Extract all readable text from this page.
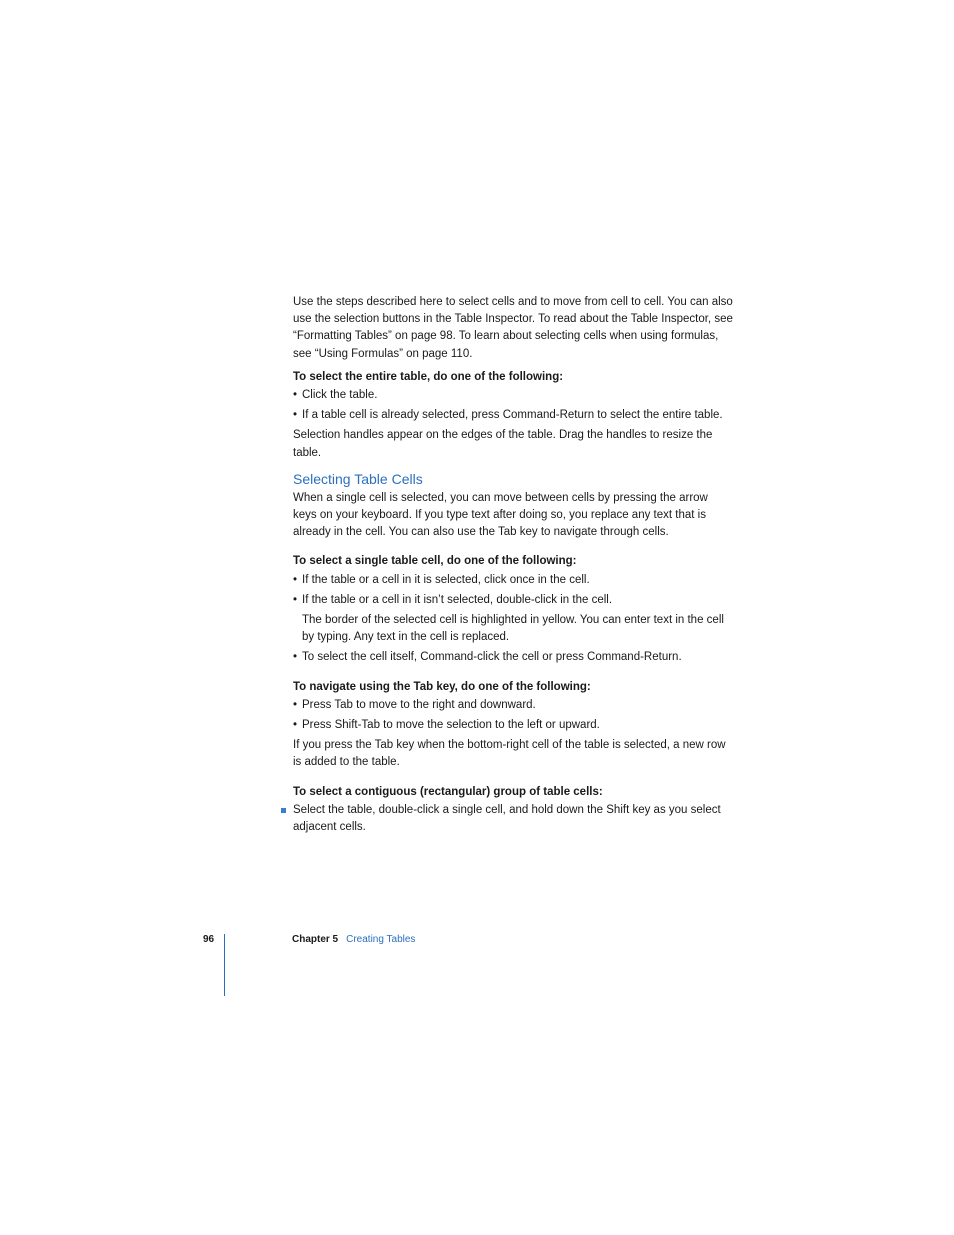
Use the steps described here to select cells and to move from cell to cell. You can also use the selection buttons in the Table Inspector. To read about the Table Inspector, see “Formatting Tables” on page 98. To learn about selecting cells when using formulas, see “Using Formulas” on page 110.

To select the entire table, do one of the following:

• Click the table.
• If a table cell is already selected, press Command-Return to select the entire table.

Selection handles appear on the edges of the table. Drag the handles to resize the table.

Selecting Table Cells

When a single cell is selected, you can move between cells by pressing the arrow keys on your keyboard. If you type text after doing so, you replace any text that is already in the cell. You can also use the Tab key to navigate through cells.

To select a single table cell, do one of the following:

• If the table or a cell in it is selected, click once in the cell.
• If the table or a cell in it isn’t selected, double-click in the cell.

The border of the selected cell is highlighted in yellow. You can enter text in the cell by typing. Any text in the cell is replaced.

• To select the cell itself, Command-click the cell or press Command-Return.

To navigate using the Tab key, do one of the following:

• Press Tab to move to the right and downward.
• Press Shift-Tab to move the selection to the left or upward.

If you press the Tab key when the bottom-right cell of the table is selected, a new row is added to the table.

To select a contiguous (rectangular) group of table cells:

Select the table, double-click a single cell, and hold down the Shift key as you select adjacent cells.

96	Chapter 5 Creating Tables
